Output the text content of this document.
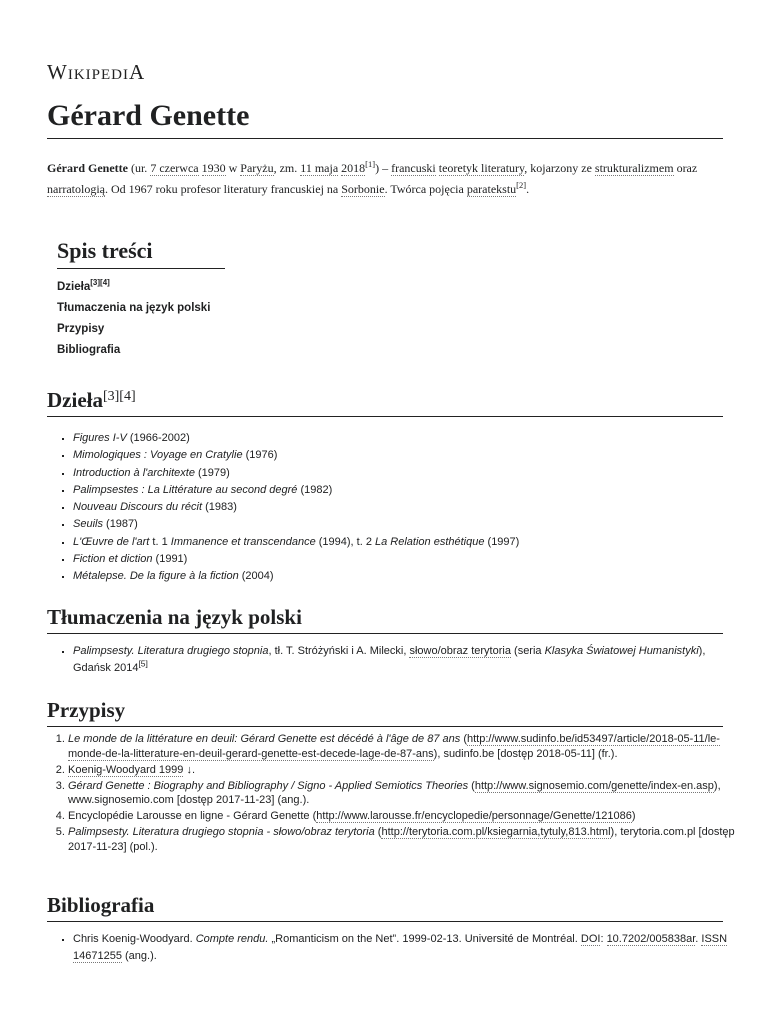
WIKIPEDIA
Gérard Genette

Gérard Genette (ur. 7 czerwca 1930 w Paryżu, zm. 11 maja 2018[1]) – francuski teoretyk literatury, kojarzony ze strukturalizmem oraz narratologią. Od 1967 roku profesor literatury francuskiej na Sorbonie. Twórca pojęcia paratekstu[2].

Spis treści
Dzieła[3][4]
Tłumaczenia na język polski
Przypisy
Bibliografia
Dzieła[3][4]
▪ Figures I-V (1966-2002)
▪ Mimologiques : Voyage en Cratylie (1976)
▪ Introduction à l'architexte (1979)
▪ Palimpsestes : La Littérature au second degré (1982)
▪ Nouveau Discours du récit (1983)
▪ Seuils (1987)
▪ L'Œuvre de l'art t. 1 Immanence et transcendance (1994), t. 2 La Relation esthétique (1997)
▪ Fiction et diction (1991)
▪ Métalepse. De la figure à la fiction (2004)
Tłumaczenia na język polski
▪ Palimpsesty. Literatura drugiego stopnia, tł. T. Stróżyński i A. Milecki, słowo/obraz terytoria (seria Klasyka Światowej Humanistyki), Gdańsk 2014[5]
Przypisy
1. Le monde de la littérature en deuil: Gérard Genette est décédé à l'âge de 87 ans (http://www.sudinfo.be/id53497/article/2018-05-11/le-monde-de-la-litterature-en-deuil-gerard-genette-est-decede-lage-de-87-ans), sudinfo.be [dostęp 2018-05-11] (fr.).
2. Koenig-Woodyard 1999 ↓.
3. Gérard Genette : Biography and Bibliography / Signo - Applied Semiotics Theories (http://www.signosemio.com/genette/index-en.asp), www.signosemio.com [dostęp 2017-11-23] (ang.).
4. Encyclopédie Larousse en ligne - Gérard Genette (http://www.larousse.fr/encyclopedie/personnage/Genette/121086)
5. Palimpsesty. Literatura drugiego stopnia - słowo/obraz terytoria (http://terytoria.com.pl/ksiegarnia,tytuly,813.html), terytoria.com.pl [dostęp 2017-11-23] (pol.).
Bibliografia
▪ Chris Koenig-Woodyard. Compte rendu. „Romanticism on the Net”. 1999-02-13. Université de Montréal. DOI: 10.7202/005838ar. ISSN 14671255 (ang.).
